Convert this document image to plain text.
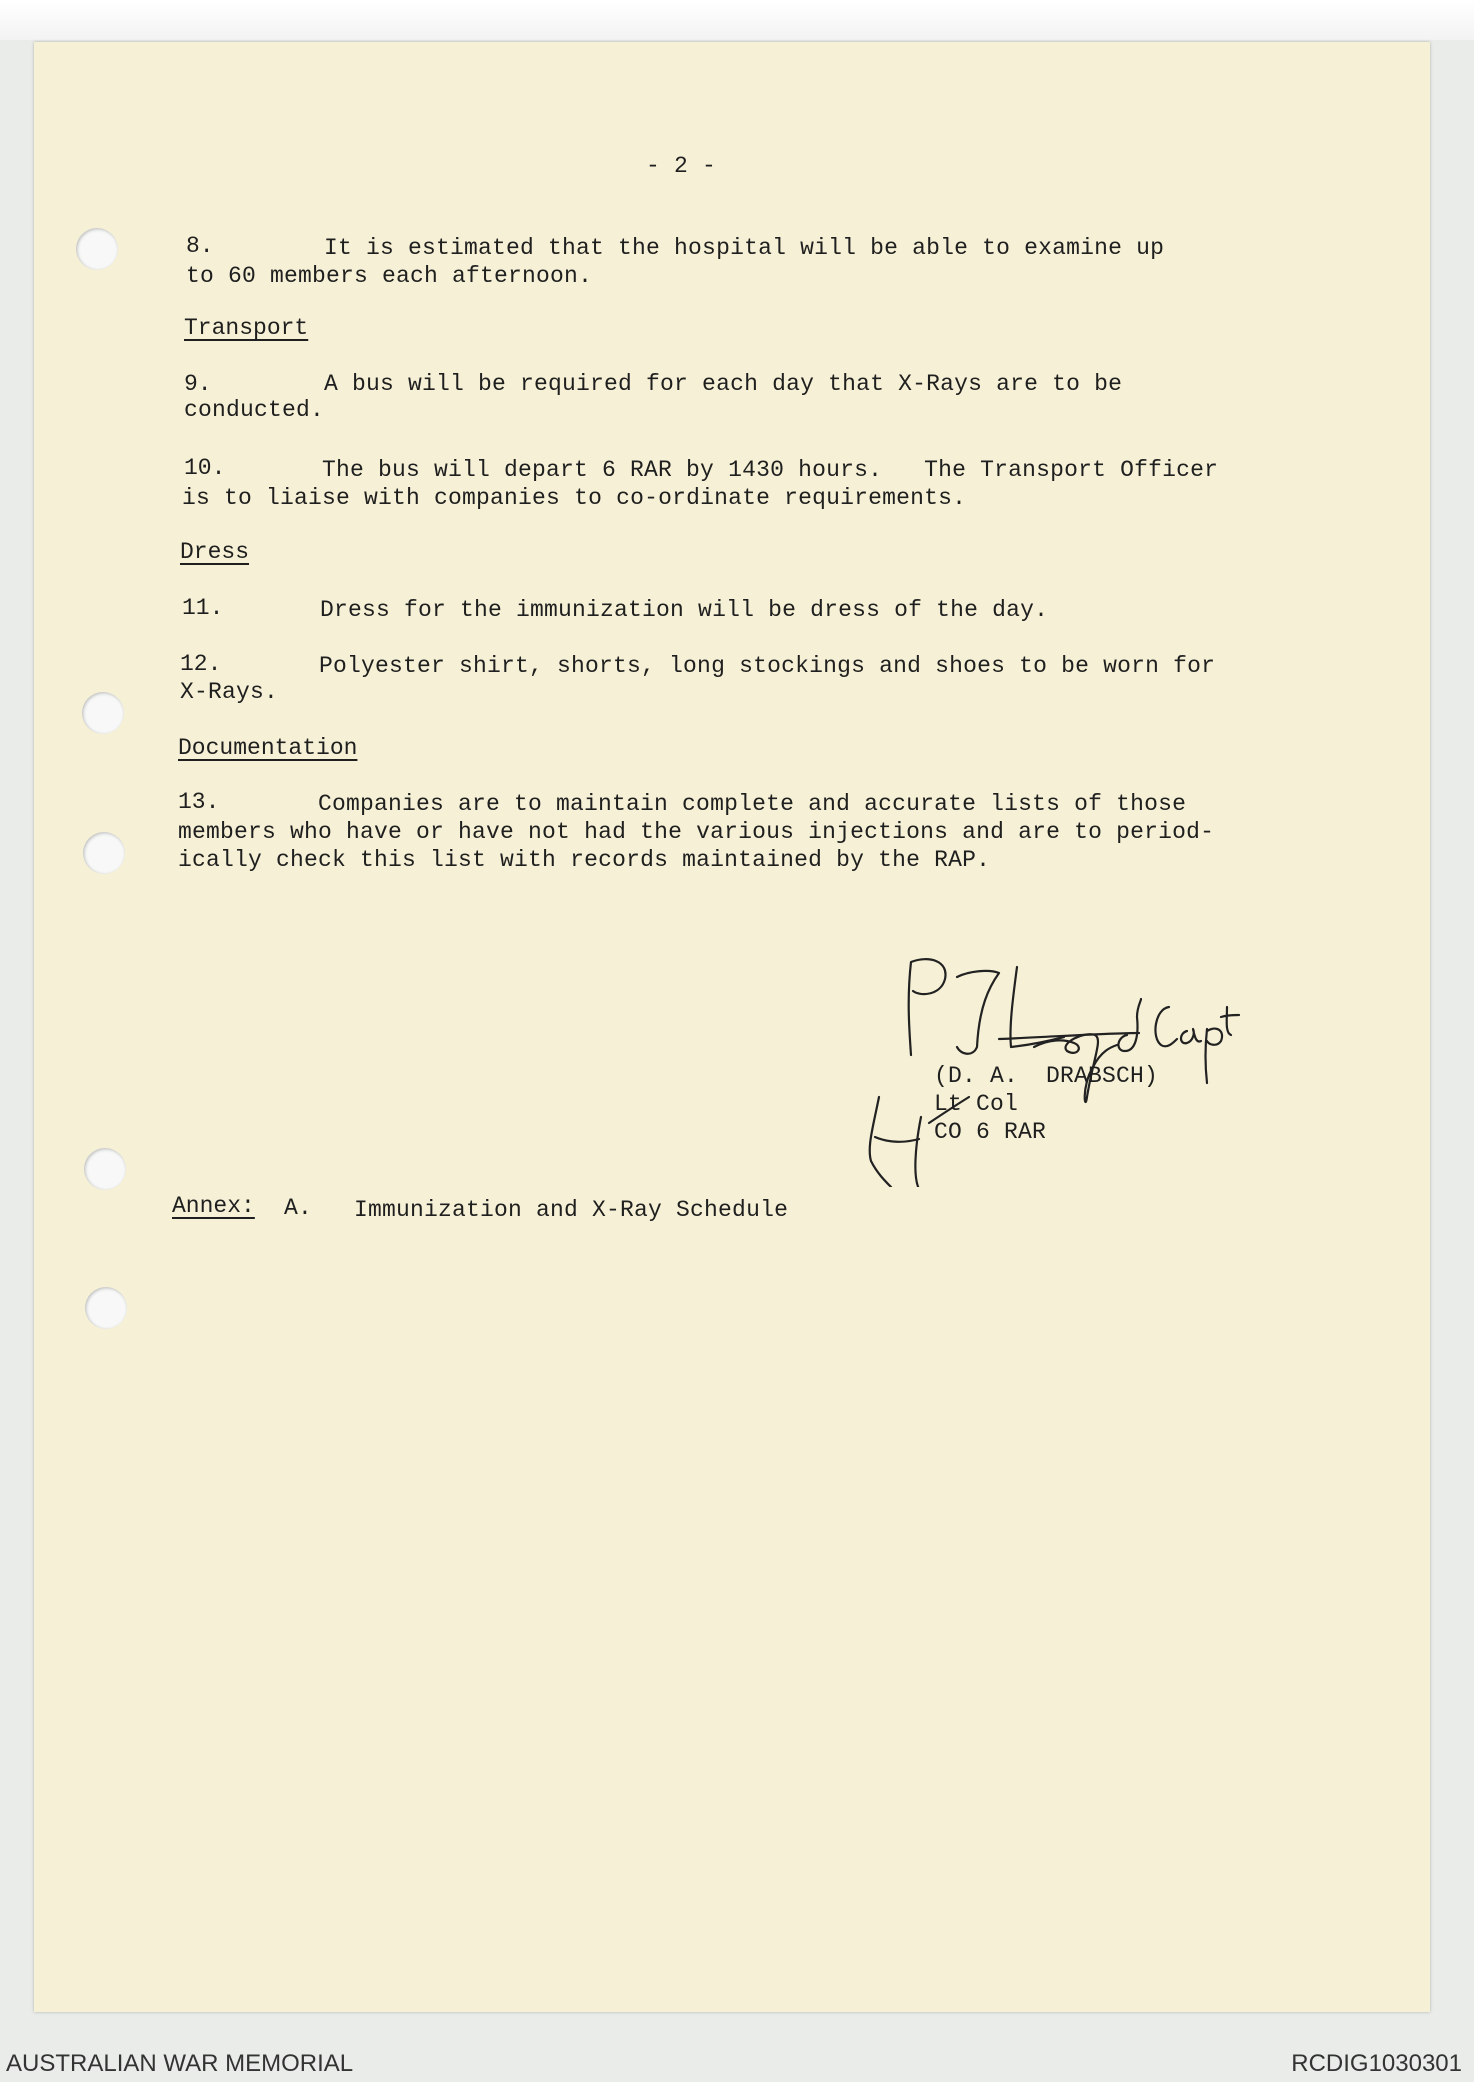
- 2 -
8.	It is estimated that the hospital will be able to examine up
to 60 members each afternoon.
Transport
9.	A bus will be required for each day that X-Rays are to be
conducted.
10.	The bus will depart 6 RAR by 1430 hours.   The Transport Officer
is to liaise with companies to co-ordinate requirements.
Dress
11.	Dress for the immunization will be dress of the day.
12.	Polyester shirt, shorts, long stockings and shoes to be worn for
X-Rays.
Documentation
13.	Companies are to maintain complete and accurate lists of those
members who have or have not had the various injections and are to period-
ically check this list with records maintained by the RAP.
(D. A.  DRABSCH)
Lt Col
CO 6 RAR
Annex: A. Immunization and X-Ray Schedule
AUSTRALIAN WAR MEMORIAL	RCDIG1030301
